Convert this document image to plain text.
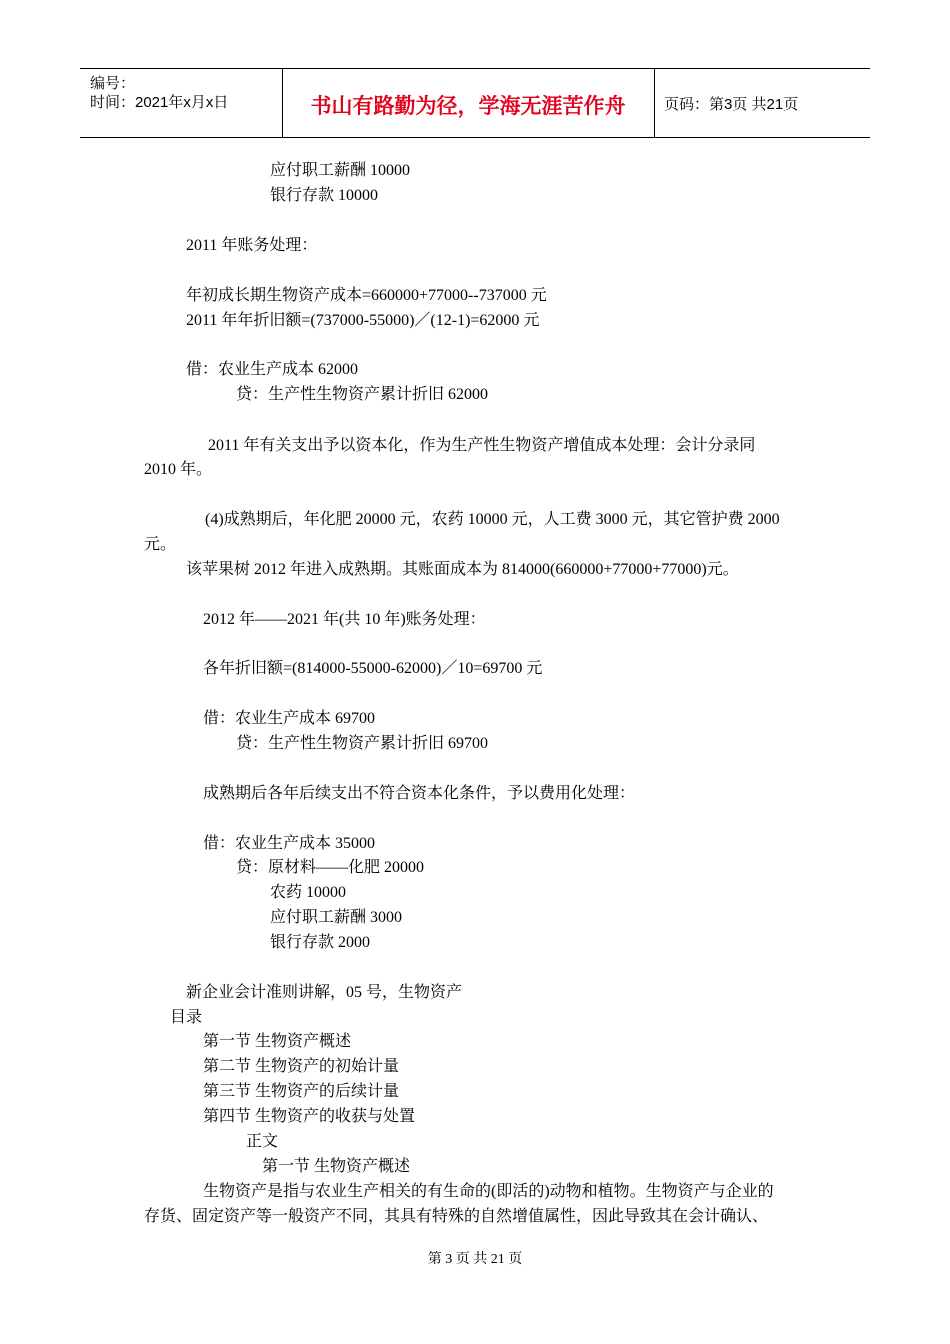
编号：
时间：2021年x月x日	书山有路勤为径，学海无涯苦作舟	页码：第3页 共21页
应付职工薪酬 10000
银行存款 10000
2011 年账务处理：
年初成长期生物资产成本=660000+77000--737000 元
2011 年年折旧额=(737000-55000)／(12-1)=62000 元
借：农业生产成本 62000
贷：生产性生物资产累计折旧 62000
2011 年有关支出予以资本化，作为生产性生物资产增值成本处理：会计分录同
2010 年。
(4)成熟期后，年化肥 20000 元，农药 10000 元，人工费 3000 元，其它管护费 2000
元。
该苹果树 2012 年进入成熟期。其账面成本为 814000(660000+77000+77000)元。
2012 年——2021 年(共 10 年)账务处理：
各年折旧额=(814000-55000-62000)／10=69700 元
借：农业生产成本 69700
贷：生产性生物资产累计折旧 69700
成熟期后各年后续支出不符合资本化条件，予以费用化处理：
借：农业生产成本 35000
贷：原材料——化肥 20000
农药 10000
应付职工薪酬 3000
银行存款 2000
新企业会计准则讲解，05 号，生物资产
目录
第一节 生物资产概述
第二节 生物资产的初始计量
第三节 生物资产的后续计量
第四节 生物资产的收获与处置
正文
第一节 生物资产概述
生物资产是指与农业生产相关的有生命的(即活的)动物和植物。生物资产与企业的
存货、固定资产等一般资产不同，其具有特殊的自然增值属性，因此导致其在会计确认、
第 3 页 共 21 页
